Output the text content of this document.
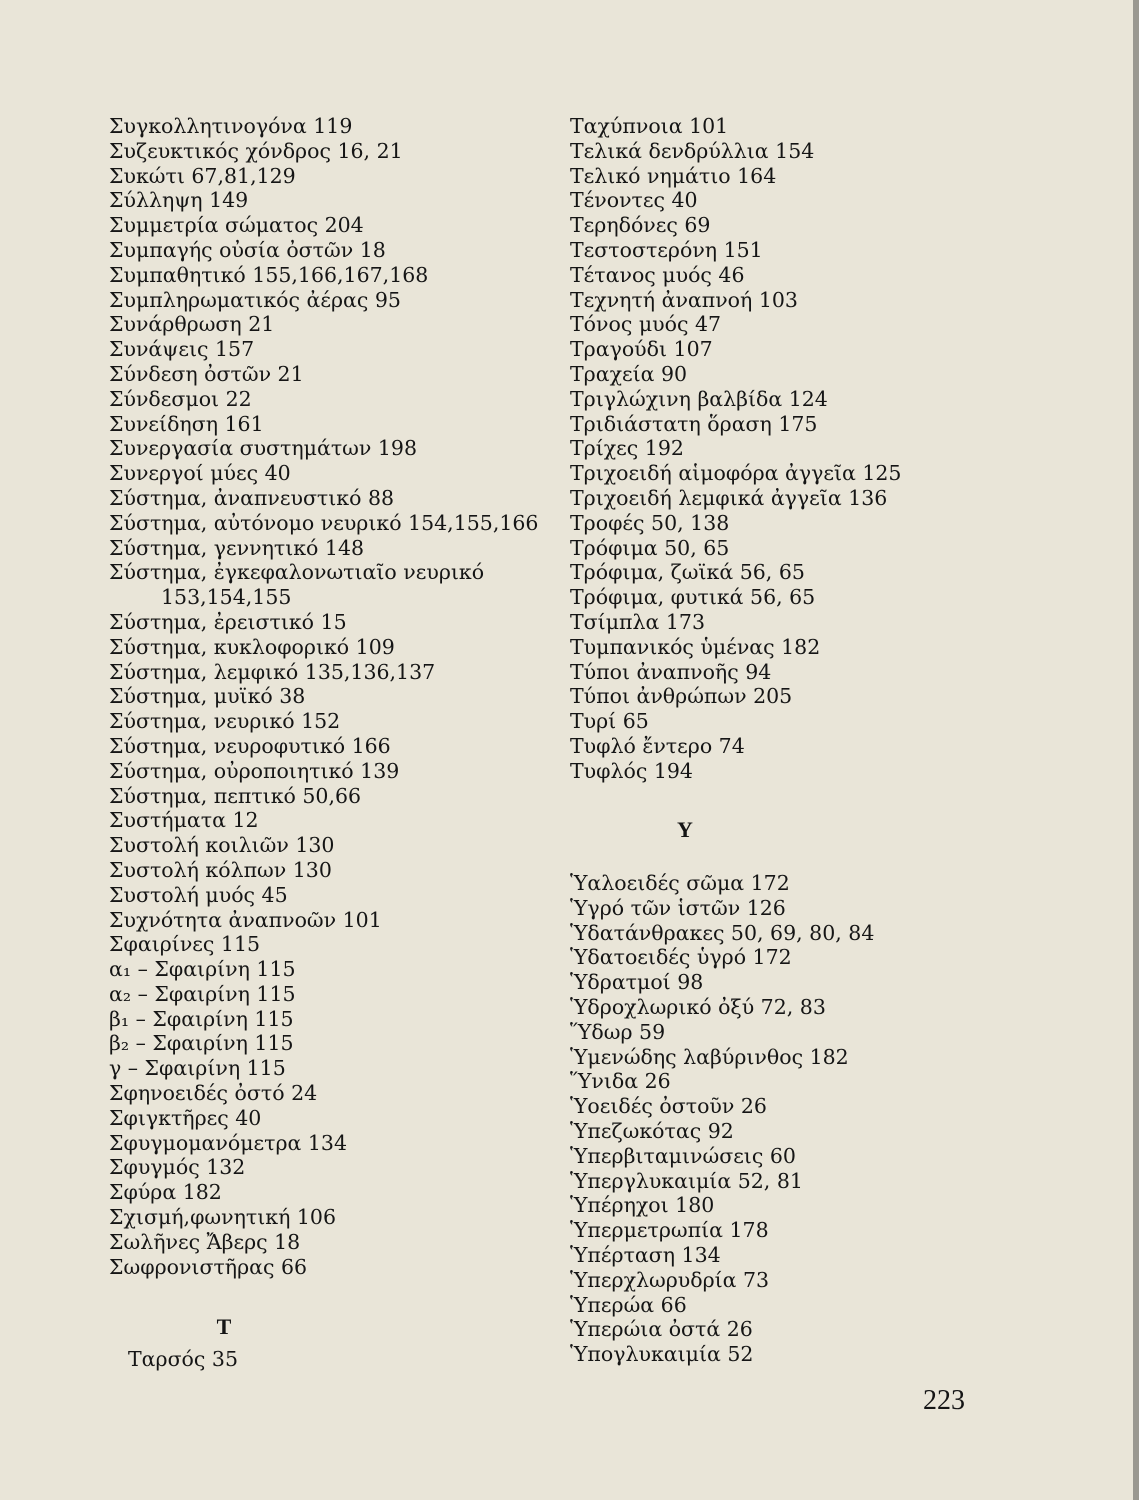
Συγκολλητινογόνα 119
Συζευκτικός χόνδρος 16, 21
Συκώτι 67,81,129
Σύλληψη 149
Συμμετρία σώματος 204
Συμπαγής οὐσία ὀστῶν 18
Συμπαθητικό 155,166,167,168
Συμπληρωματικός ἀέρας 95
Συνάρθρωση 21
Συνάψεις 157
Σύνδεση ὀστῶν 21
Σύνδεσμοι 22
Συνείδηση 161
Συνεργασία συστημάτων 198
Συνεργοί μύες 40
Σύστημα, ἀναπνευστικό 88
Σύστημα, αὐτόνομο νευρικό 154,155,166
Σύστημα, γεννητικό 148
Σύστημα, ἐγκεφαλονωτιαῖο νευρικό
153,154,155
Σύστημα, ἐρειστικό 15
Σύστημα, κυκλοφορικό 109
Σύστημα, λεμφικό 135,136,137
Σύστημα, μυϊκό 38
Σύστημα, νευρικό 152
Σύστημα, νευροφυτικό 166
Σύστημα, οὐροποιητικό 139
Σύστημα, πεπτικό 50,66
Συστήματα 12
Συστολή κοιλιῶν 130
Συστολή κόλπων 130
Συστολή μυός 45
Συχνότητα ἀναπνοῶν 101
Σφαιρίνες 115
α₁ – Σφαιρίνη 115
α₂ – Σφαιρίνη 115
β₁ – Σφαιρίνη 115
β₂ – Σφαιρίνη 115
γ – Σφαιρίνη 115
Σφηνοειδές ὀστό 24
Σφιγκτῆρες 40
Σφυγμομανόμετρα 134
Σφυγμός 132
Σφύρα 182
Σχισμή,φωνητική 106
Σωλῆνες Ἄβερς 18
Σωφρονιστῆρας 66
Τ
Ταρσός 35
Ταχύπνοια 101
Τελικά δενδρύλλια 154
Τελικό νημάτιο 164
Τένοντες 40
Τερηδόνες 69
Τεστοστερόνη 151
Τέτανος μυός 46
Τεχνητή ἀναπνοή 103
Τόνος μυός 47
Τραγούδι 107
Τραχεία 90
Τριγλώχινη βαλβίδα 124
Τριδιάστατη ὅραση 175
Τρίχες 192
Τριχοειδή αἱμοφόρα ἀγγεῖα 125
Τριχοειδή λεμφικά ἀγγεῖα 136
Τροφές 50, 138
Τρόφιμα 50, 65
Τρόφιμα, ζωϊκά 56, 65
Τρόφιμα, φυτικά 56, 65
Τσίμπλα 173
Τυμπανικός ὑμένας 182
Τύποι ἀναπνοῆς 94
Τύποι ἀνθρώπων 205
Τυρί 65
Τυφλό ἔντερο 74
Τυφλός 194
Υ
Ὑαλοειδές σῶμα 172
Ὑγρό τῶν ἱστῶν 126
Ὑδατάνθρακες 50, 69, 80, 84
Ὑδατοειδές ὑγρό 172
Ὑδρατμοί 98
Ὑδροχλωρικό ὀξύ 72, 83
Ὕδωρ 59
Ὑμενώδης λαβύρινθος 182
Ὕνιδα 26
Ὑοειδές ὀστοῦν 26
Ὑπεζωκότας 92
Ὑπερβιταμινώσεις 60
Ὑπεργλυκαιμία 52, 81
Ὑπέρηχοι 180
Ὑπερμετρωπία 178
Ὑπέρταση 134
Ὑπερχλωρυδρία 73
Ὑπερώα 66
Ὑπερώια ὀστά 26
Ὑπογλυκαιμία 52
223
